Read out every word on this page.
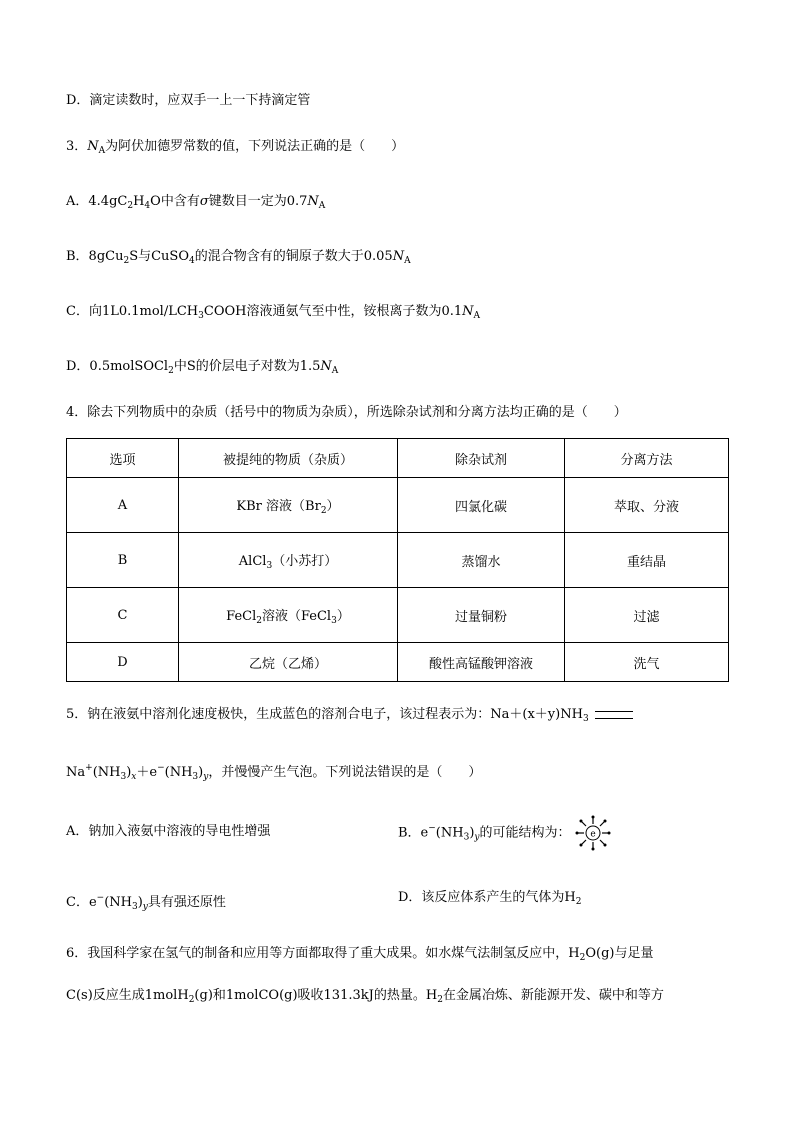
D．滴定读数时，应双手一上一下持滴定管
3．$N_A$为阿伏加德罗常数的值，下列说法正确的是（　　）
A．$4.4gC_2H_4O$中含有σ键数目一定为$0.7N_A$
B．8gCu$_2$S与CuSO$_4$的混合物含有的铜原子数大于$0.05N_A$
C．向$1L0.1mol/LCH_3COOH$溶液通氨气至中性，铵根离子数为$0.1N_A$
D．0.5molSOCl$_2$中S的价层电子对数为$1.5N_A$
4．除去下列物质中的杂质（括号中的物质为杂质），所选除杂试剂和分离方法均正确的是（　　）
选项	被提纯的物质（杂质）	除杂试剂	分离方法
A	KBr 溶液$(Br_2)$	四氯化碳	萃取、分液
B	AlCl$_3$（小苏打）	蒸馏水	重结晶
C	FeCl$_2$溶液（FeCl$_3$）	过量铜粉	过滤
D	乙烷（乙烯）	酸性高锰酸钾溶液	洗气
5．钠在液氨中溶剂化速度极快，生成蓝色的溶剂合电子，该过程表示为：$Na+(x+y)NH_3$
$Na^+(NH_3)_x+e^-(NH_3)_y$，并慢慢产生气泡。下列说法错误的是（　　）
A．钠加入液氨中溶液的导电性增强	B．$e^-(NH_3)_y$的可能结构为： e
C．$e^-(NH_3)_y$具有强还原性	D．该反应体系产生的气体为$H_2$
6．我国科学家在氢气的制备和应用等方面都取得了重大成果。如水煤气法制氢反应中，$H_2O(g)$与足量
C(s)反应生成1molH$_2$(g)和1molCO(g)吸收131.3kJ的热量。$H_2$在金属冶炼、新能源开发、碳中和等方
